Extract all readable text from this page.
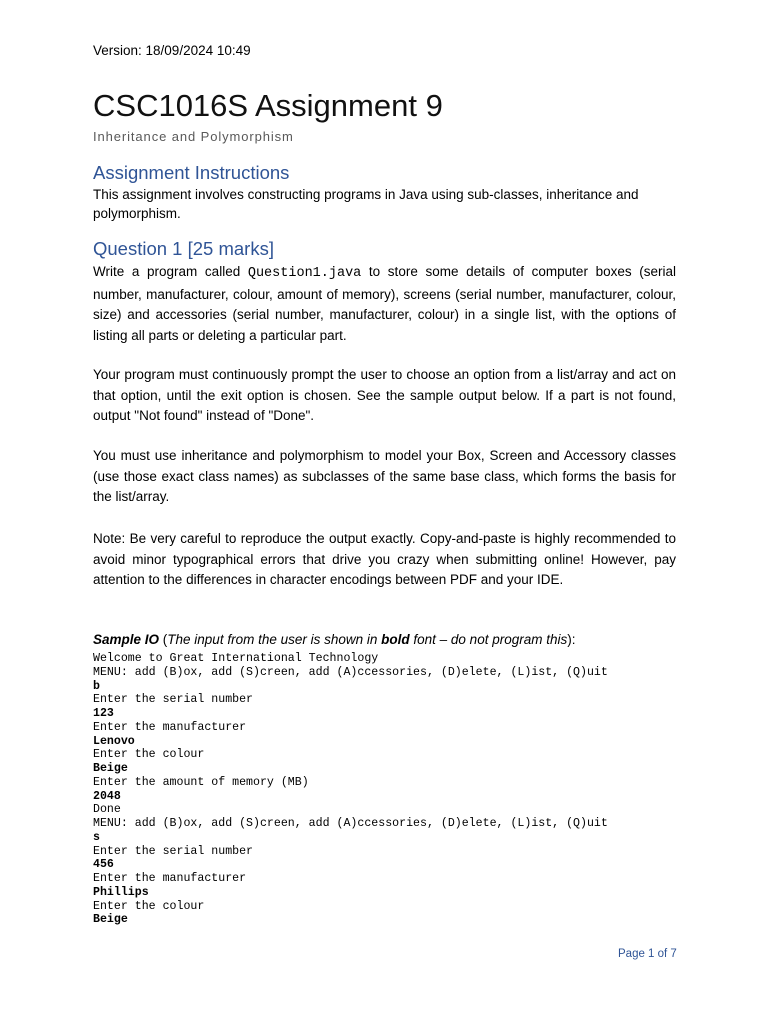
Version: 18/09/2024 10:49
CSC1016S Assignment 9
Inheritance and Polymorphism
Assignment Instructions
This assignment involves constructing programs in Java using sub-classes, inheritance and polymorphism.
Question 1 [25 marks]
Write a program called Question1.java to store some details of computer boxes (serial number, manufacturer, colour, amount of memory), screens (serial number, manufacturer, colour, size) and accessories (serial number, manufacturer, colour) in a single list, with the options of listing all parts or deleting a particular part.
Your program must continuously prompt the user to choose an option from a list/array and act on that option, until the exit option is chosen. See the sample output below. If a part is not found, output "Not found" instead of "Done".
You must use inheritance and polymorphism to model your Box, Screen and Accessory classes (use those exact class names) as subclasses of the same base class, which forms the basis for the list/array.
Note: Be very careful to reproduce the output exactly. Copy-and-paste is highly recommended to avoid minor typographical errors that drive you crazy when submitting online! However, pay attention to the differences in character encodings between PDF and your IDE.
Sample IO (The input from the user is shown in bold font – do not program this):
Welcome to Great International Technology
MENU: add (B)ox, add (S)creen, add (A)ccessories, (D)elete, (L)ist, (Q)uit
b
Enter the serial number
123
Enter the manufacturer
Lenovo
Enter the colour
Beige
Enter the amount of memory (MB)
2048
Done
MENU: add (B)ox, add (S)creen, add (A)ccessories, (D)elete, (L)ist, (Q)uit
s
Enter the serial number
456
Enter the manufacturer
Phillips
Enter the colour
Beige
Page 1 of 7
